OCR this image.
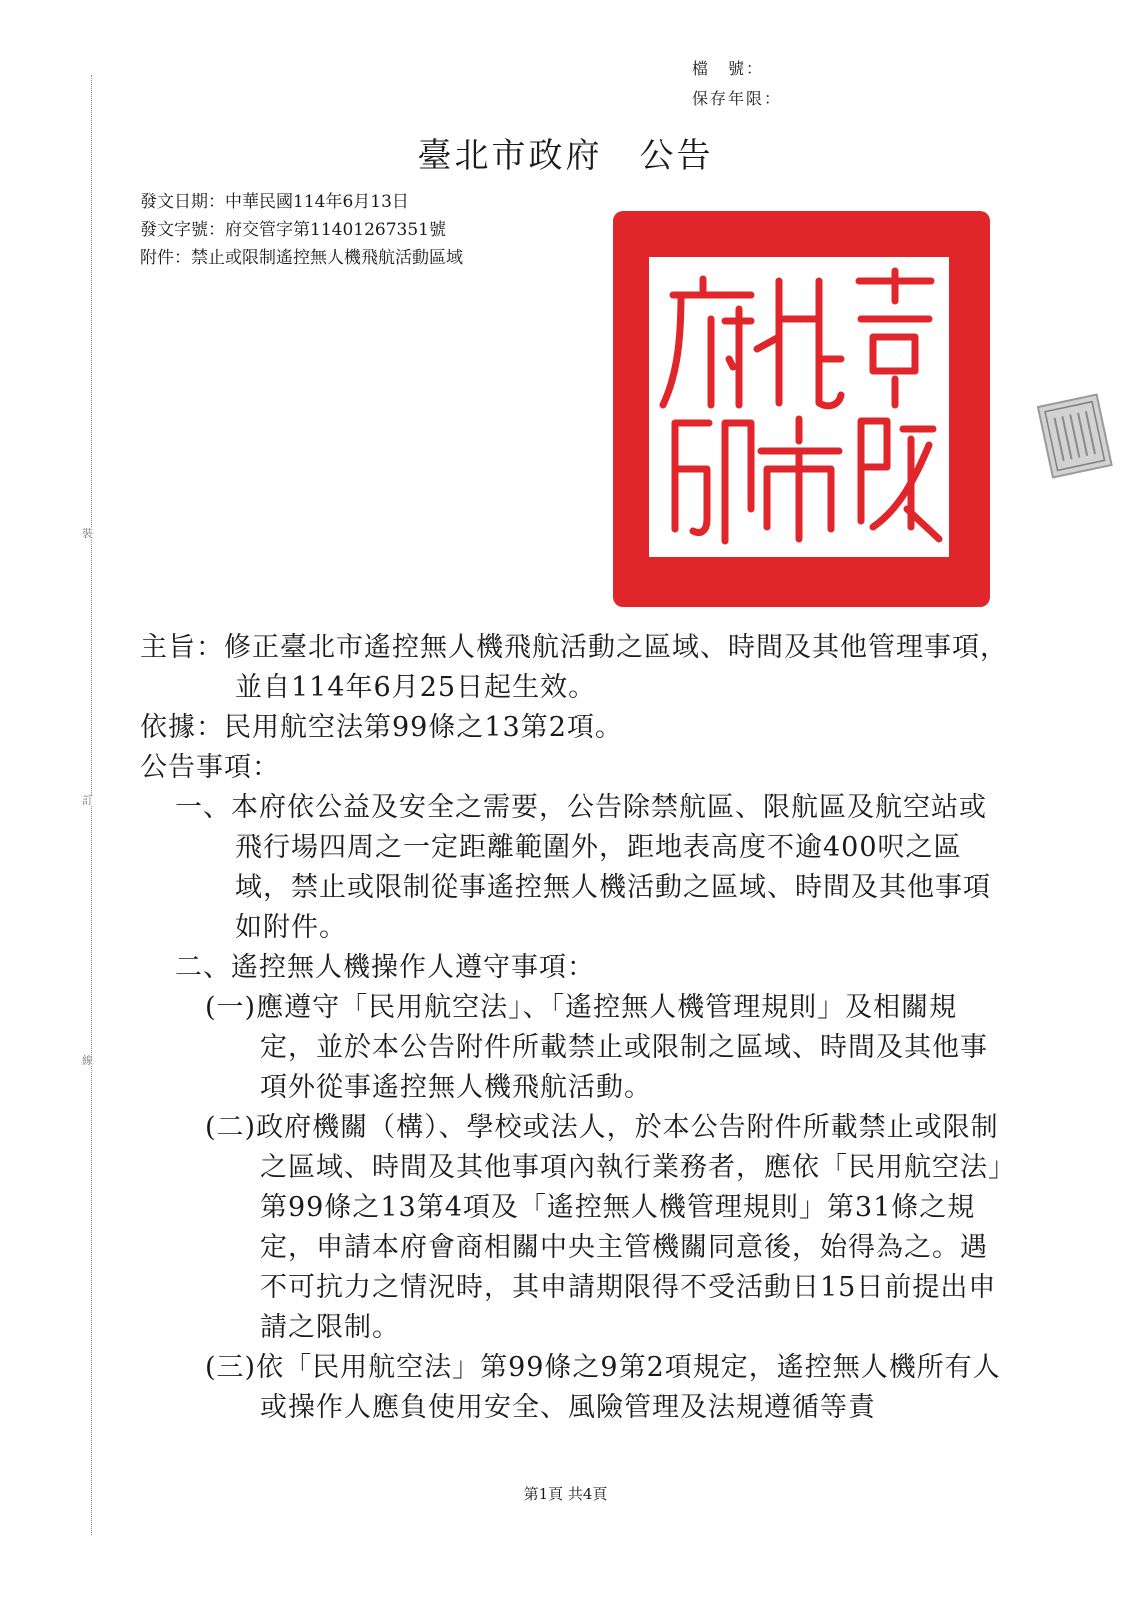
裝
訂
線
檔　號：
保存年限：
臺北市政府　公告
發文日期：中華民國114年6月13日
發文字號：府交管字第11401267351號
附件：禁止或限制遙控無人機飛航活動區域

主旨：修正臺北市遙控無人機飛航活動之區域、時間及其他管理事項，並自114年6月25日起生效。

依據：民用航空法第99條之13第2項。

公告事項：

一、本府依公益及安全之需要，公告除禁航區、限航區及航空站或飛行場四周之一定距離範圍外，距地表高度不逾400呎之區域，禁止或限制從事遙控無人機活動之區域、時間及其他事項如附件。

二、遙控無人機操作人遵守事項：

(一)應遵守「民用航空法」、「遙控無人機管理規則」及相關規定，並於本公告附件所載禁止或限制之區域、時間及其他事項外從事遙控無人機飛航活動。

(二)政府機關（構）、學校或法人，於本公告附件所載禁止或限制之區域、時間及其他事項內執行業務者，應依「民用航空法」第99條之13第4項及「遙控無人機管理規則」第31條之規定，申請本府會商相關中央主管機關同意後，始得為之。遇不可抗力之情況時，其申請期限得不受活動日15日前提出申請之限制。

(三)依「民用航空法」第99條之9第2項規定，遙控無人機所有人或操作人應負使用安全、風險管理及法規遵循等責

第1頁 共4頁
